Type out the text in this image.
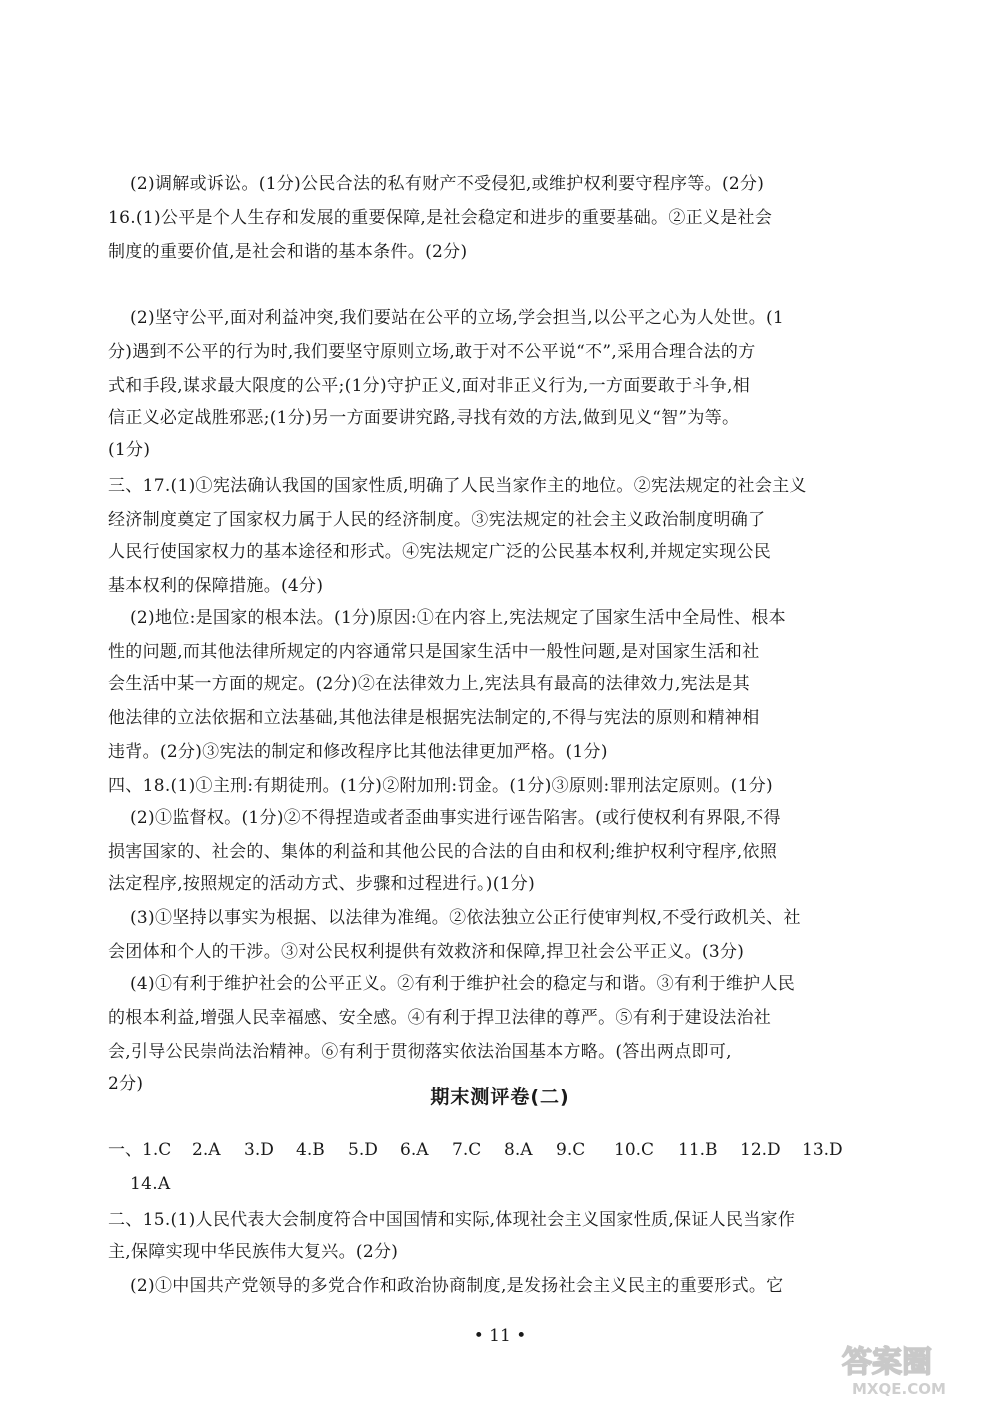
(2)调解或诉讼。(1分)公民合法的私有财产不受侵犯,或维护权利要守程序等。(2分)
16.(1)公平是个人生存和发展的重要保障,是社会稳定和进步的重要基础。②正义是社会
制度的重要价值,是社会和谐的基本条件。(2分)
(2)坚守公平,面对利益冲突,我们要站在公平的立场,学会担当,以公平之心为人处世。(1
分)遇到不公平的行为时,我们要坚守原则立场,敢于对不公平说“不”,采用合理合法的方
式和手段,谋求最大限度的公平;(1分)守护正义,面对非正义行为,一方面要敢于斗争,相
信正义必定战胜邪恶;(1分)另一方面要讲究路,寻找有效的方法,做到见义“智”为等。
(1分)
三、17.(1)①宪法确认我国的国家性质,明确了人民当家作主的地位。②宪法规定的社会主义
经济制度奠定了国家权力属于人民的经济制度。③宪法规定的社会主义政治制度明确了
人民行使国家权力的基本途径和形式。④宪法规定广泛的公民基本权利,并规定实现公民
基本权利的保障措施。(4分)
(2)地位:是国家的根本法。(1分)原因:①在内容上,宪法规定了国家生活中全局性、根本
性的问题,而其他法律所规定的内容通常只是国家生活中一般性问题,是对国家生活和社
会生活中某一方面的规定。(2分)②在法律效力上,宪法具有最高的法律效力,宪法是其
他法律的立法依据和立法基础,其他法律是根据宪法制定的,不得与宪法的原则和精神相
违背。(2分)③宪法的制定和修改程序比其他法律更加严格。(1分)
四、18.(1)①主刑:有期徒刑。(1分)②附加刑:罚金。(1分)③原则:罪刑法定原则。(1分)
(2)①监督权。(1分)②不得捏造或者歪曲事实进行诬告陷害。(或行使权利有界限,不得
损害国家的、社会的、集体的利益和其他公民的合法的自由和权利;维护权利守程序,依照
法定程序,按照规定的活动方式、步骤和过程进行。)(1分)
(3)①坚持以事实为根据、以法律为准绳。②依法独立公正行使审判权,不受行政机关、社
会团体和个人的干涉。③对公民权利提供有效救济和保障,捍卫社会公平正义。(3分)
(4)①有利于维护社会的公平正义。②有利于维护社会的稳定与和谐。③有利于维护人民
的根本利益,增强人民幸福感、安全感。④有利于捍卫法律的尊严。⑤有利于建设法治社
会,引导公民崇尚法治精神。⑥有利于贯彻落实依法治国基本方略。(答出两点即可,
2分)
期末测评卷(二)
一、 1.C	2.A	3.D	4.B	5.D	6.A	7.C	8.A	9.C	10.C	11.B	12.D	13.D
14.A
二、15.(1)人民代表大会制度符合中国国情和实际,体现社会主义国家性质,保证人民当家作
主,保障实现中华民族伟大复兴。(2分)
(2)①中国共产党领导的多党合作和政治协商制度,是发扬社会主义民主的重要形式。它
• 11 •
答案圈
MXQE.COM
